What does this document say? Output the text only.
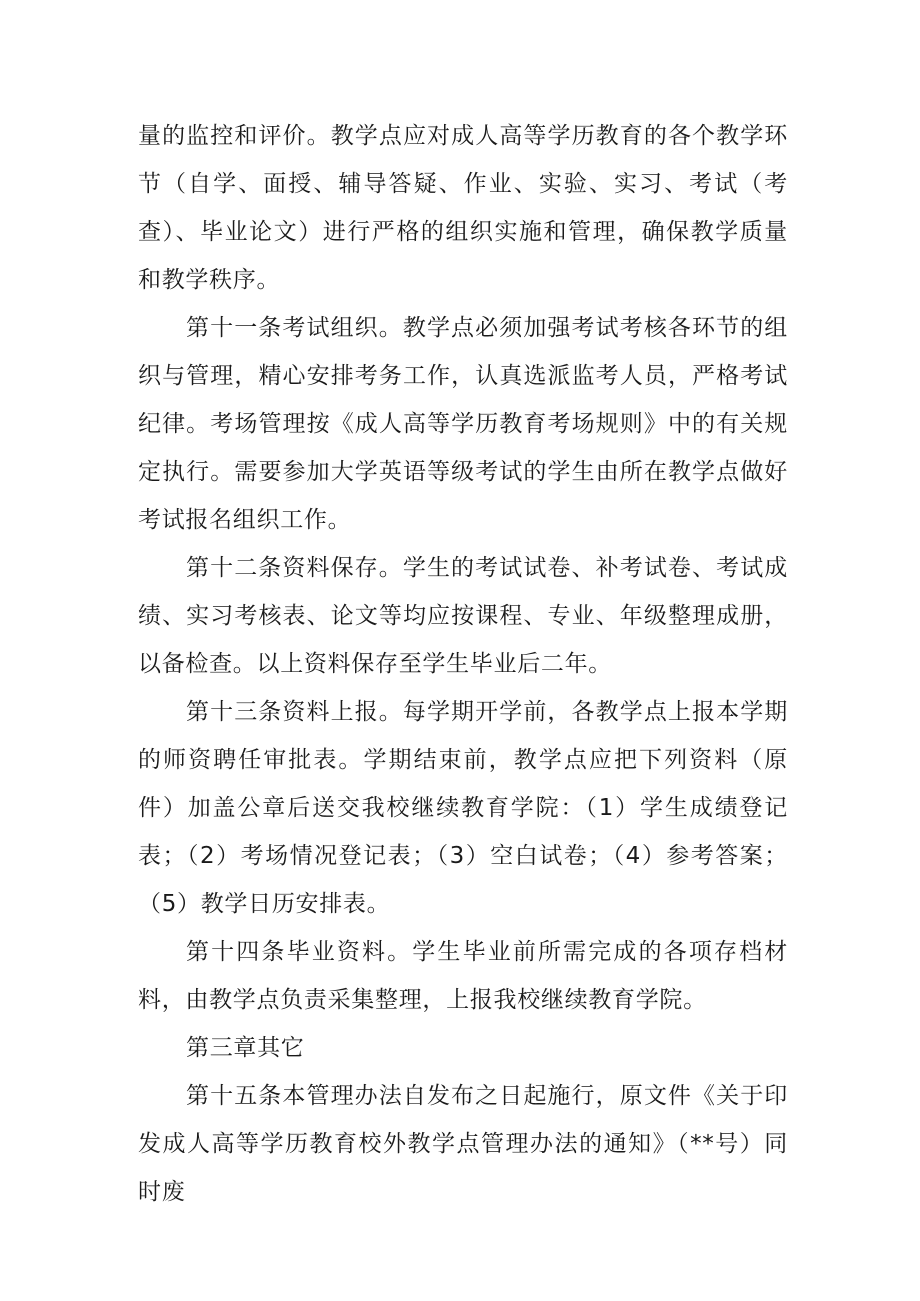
量的监控和评价。教学点应对成人高等学历教育的各个教学环节（自学、面授、辅导答疑、作业、实验、实习、考试（考查）、毕业论文）进行严格的组织实施和管理，确保教学质量和教学秩序。

第十一条考试组织。教学点必须加强考试考核各环节的组织与管理，精心安排考务工作，认真选派监考人员，严格考试纪律。考场管理按《成人高等学历教育考场规则》中的有关规定执行。需要参加大学英语等级考试的学生由所在教学点做好考试报名组织工作。

第十二条资料保存。学生的考试试卷、补考试卷、考试成绩、实习考核表、论文等均应按课程、专业、年级整理成册，以备检查。以上资料保存至学生毕业后二年。

第十三条资料上报。每学期开学前，各教学点上报本学期的师资聘任审批表。学期结束前，教学点应把下列资料（原件）加盖公章后送交我校继续教育学院：（1）学生成绩登记表；（2）考场情况登记表；（3）空白试卷；（4）参考答案；（5）教学日历安排表。

第十四条毕业资料。学生毕业前所需完成的各项存档材料，由教学点负责采集整理，上报我校继续教育学院。

第三章其它

第十五条本管理办法自发布之日起施行，原文件《关于印发成人高等学历教育校外教学点管理办法的通知》（**号）同时废
